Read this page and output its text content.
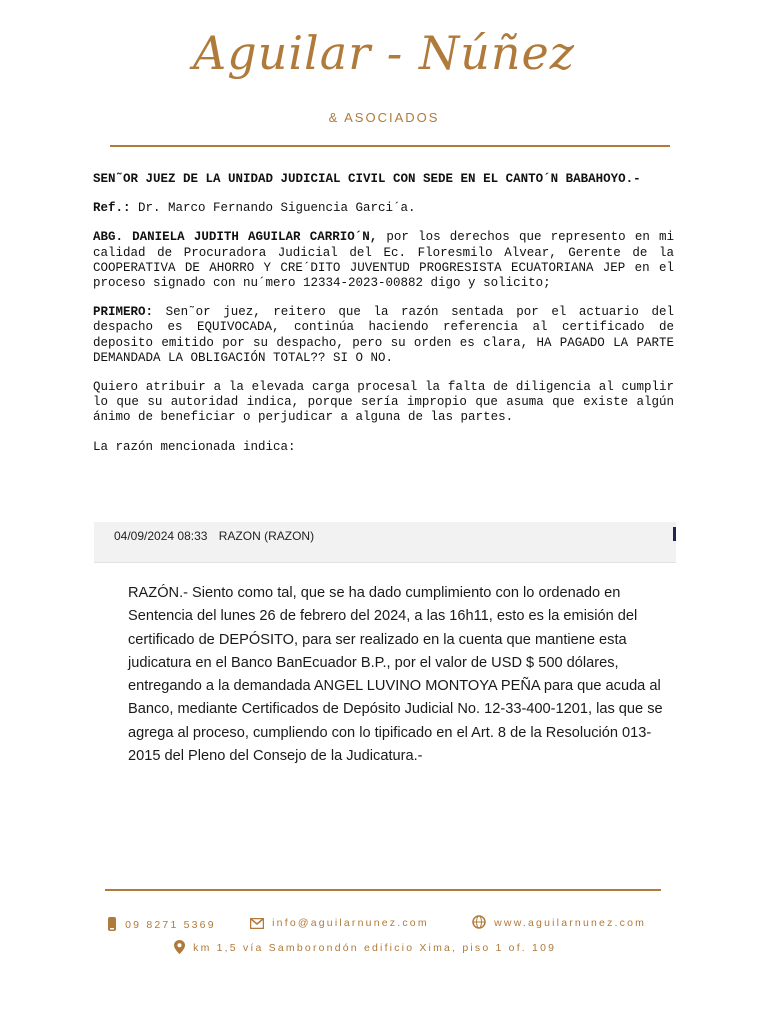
Aguilar - Núñez
& ASOCIADOS

SEN˜OR JUEZ DE LA UNIDAD JUDICIAL CIVIL CON SEDE EN EL CANTO´N BABAHOYO.-

Ref.: Dr. Marco Fernando Siguencia Garci´a.

ABG. DANIELA JUDITH AGUILAR CARRIO´N, por los derechos que represento en mi calidad de Procuradora Judicial del Ec. Floresmilo Alvear, Gerente de la COOPERATIVA DE AHORRO Y CRE´DITO JUVENTUD PROGRESISTA ECUATORIANA JEP en el proceso signado con nu´mero 12334-2023-00882 digo y solicito;

PRIMERO: Sen˜or juez, reitero que la razón sentada por el actuario del despacho es EQUIVOCADA, continúa haciendo referencia al certificado de deposito emitido por su despacho, pero su orden es clara, HA PAGADO LA PARTE DEMANDADA LA OBLIGACIÓN TOTAL?? SI O NO.

Quiero atribuir a la elevada carga procesal la falta de diligencia al cumplir lo que su autoridad indica, porque sería impropio que asuma que existe algún ánimo de beneficiar o perjudicar a alguna de las partes.

La razón mencionada indica:

04/09/2024 08:33 RAZON (RAZON)
RAZÓN.- Siento como tal, que se ha dado cumplimiento con lo ordenado en Sentencia del lunes 26 de febrero del 2024, a las 16h11, esto es la emisión del certificado de DEPÓSITO, para ser realizado en la cuenta que mantiene esta judicatura en el Banco BanEcuador B.P., por el valor de USD $ 500 dólares, entregando a la demandada ANGEL LUVINO MONTOYA PEÑA para que acuda al Banco, mediante Certificados de Depósito Judicial No. 12-33-400-1201, las que se agrega al proceso, cumpliendo con lo tipificado en el Art. 8 de la Resolución 013-2015 del Pleno del Consejo de la Judicatura.-
09 8271 5369	info@aguilarnunez.com	www.aguilarnunez.com
km 1,5 vía Samborondón edificio Xima, piso 1 of. 109
